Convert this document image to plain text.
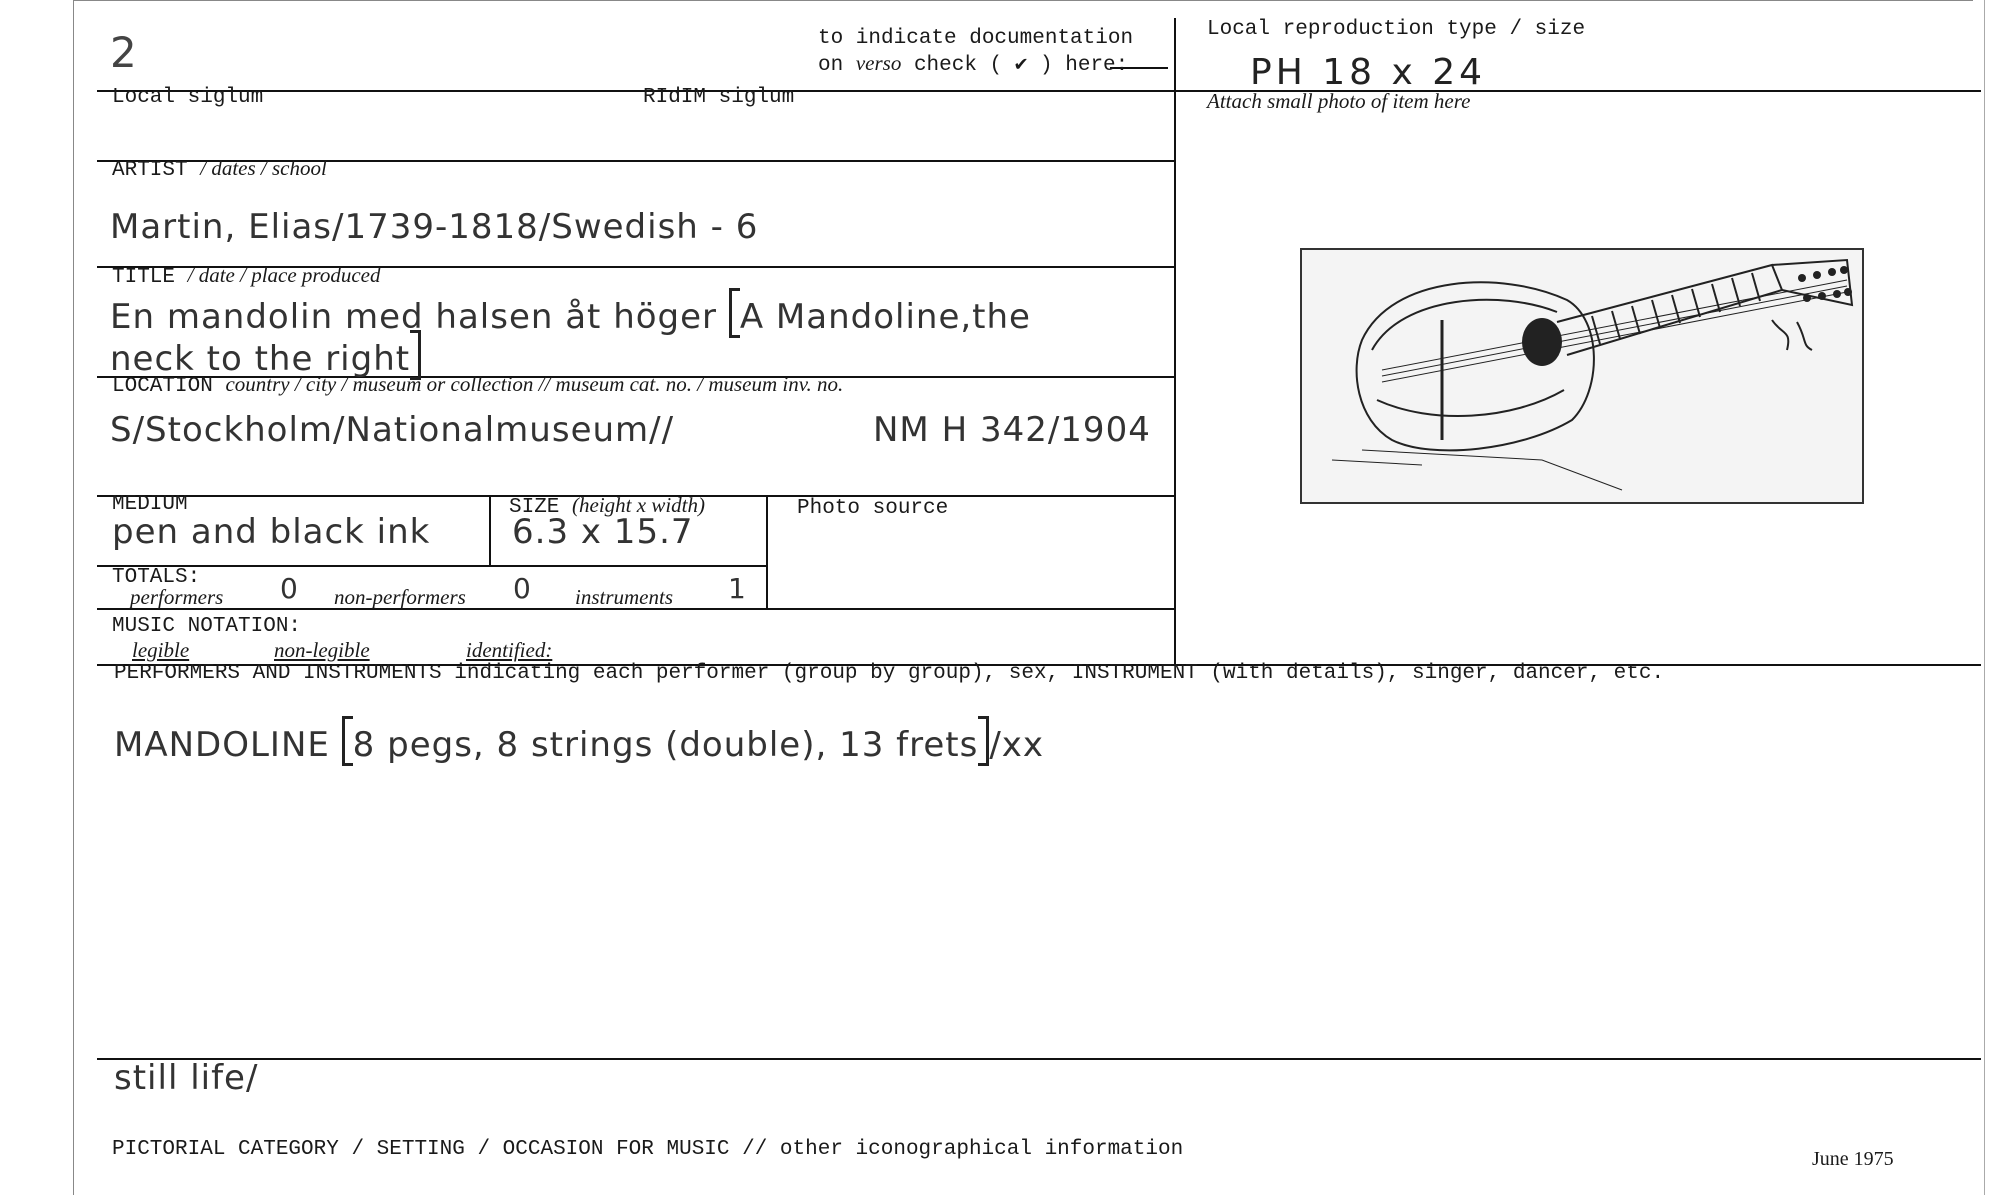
2	to indicate documentation
on verso check ( ✔ ) here:
Local reproduction type / size
PH 18 x 24
Local siglum	RIdIM siglum	Attach small photo of item here
ARTIST / dates / school
Martin, Elias/1739-1818/Swedish - 6
TITLE / date / place produced
En mandolin med halsen åt höger A Mandoline,the
neck to the right
LOCATION country / city / museum or collection // museum cat. no. / museum inv. no.
S/Stockholm/Nationalmuseum//	NM H 342/1904
MEDIUM
pen and black ink
SIZE (height x width)
6.3 x 15.7
Photo source
TOTALS:
performers 0 non-performers 0 instruments 1
MUSIC NOTATION:
legible	non-legible	identified:
PERFORMERS AND INSTRUMENTS indicating each performer (group by group), sex, INSTRUMENT (with details), singer, dancer, etc.
MANDOLINE 8 pegs, 8 strings (double), 13 frets /xx
still life/
PICTORIAL CATEGORY / SETTING / OCCASION FOR MUSIC // other iconographical information	June 1975
